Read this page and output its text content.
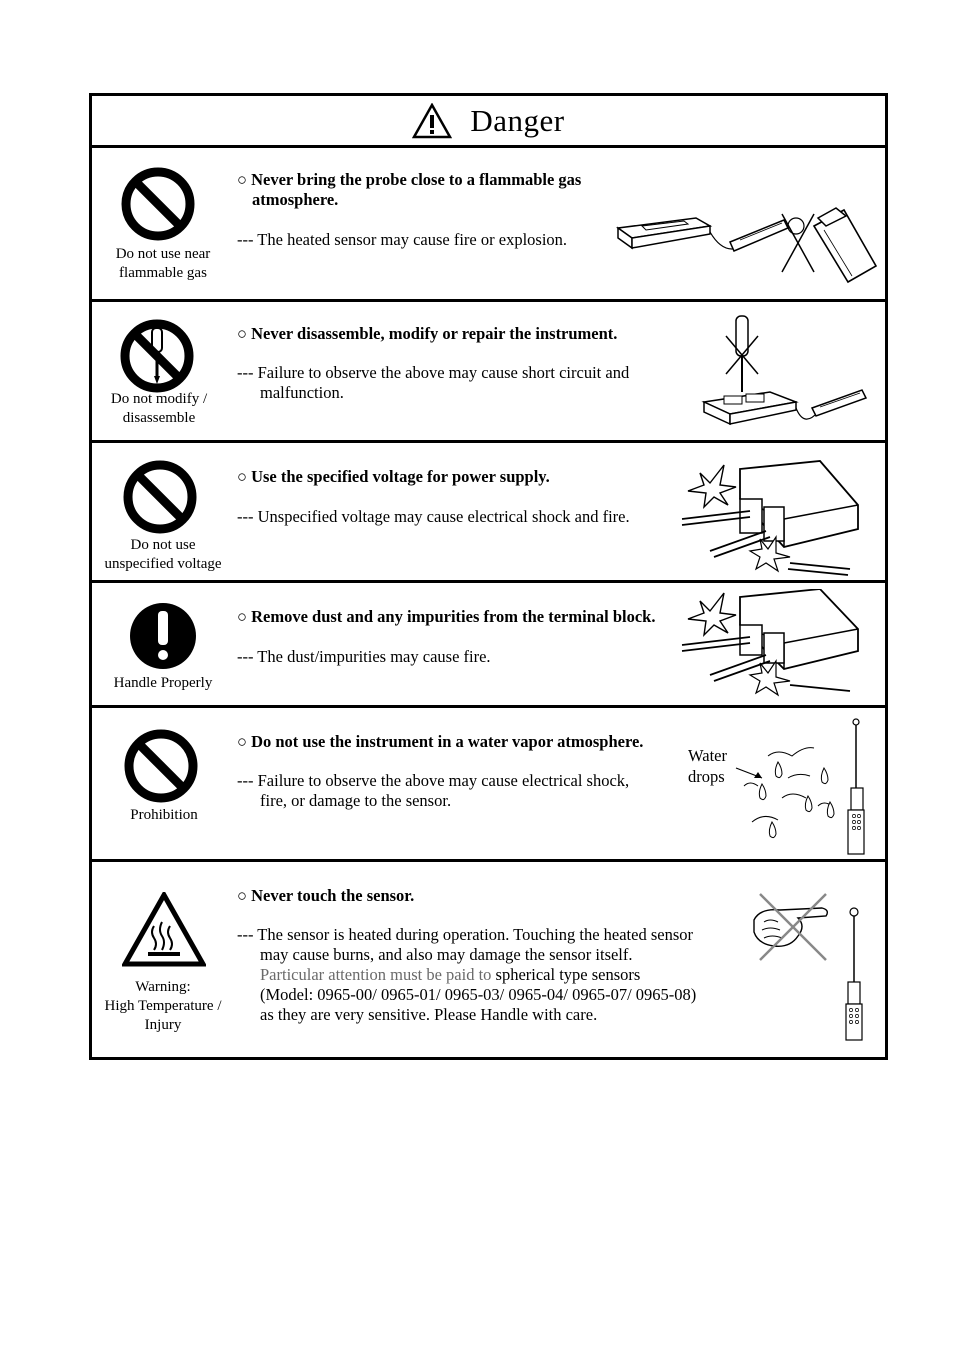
Danger
Do not use near
flammable gas
○ Never bring the probe close to a flammable gas
atmosphere.
--- The heated sensor may cause fire or explosion.
Do not modify /
disassemble
○ Never disassemble, modify or repair the instrument.
--- Failure to observe the above may cause short circuit and
malfunction.
Do not use
unspecified voltage
○ Use the specified voltage for power supply.
--- Unspecified voltage may cause electrical shock and fire.
Handle Properly
○ Remove dust and any impurities from the terminal block.
--- The dust/impurities may cause fire.
Prohibition
○ Do not use the instrument in a water vapor atmosphere.
--- Failure to observe the above may cause electrical shock,
fire, or damage to the sensor.
Water
drops
Warning:
High Temperature /
Injury
○ Never touch the sensor.
--- The sensor is heated during operation. Touching the heated sensor
may cause burns, and also may damage the sensor itself.
Particular attention must be paid to spherical type sensors
(Model: 0965-00/ 0965-01/ 0965-03/ 0965-04/ 0965-07/ 0965-08)
as they are very sensitive. Please Handle with care.
